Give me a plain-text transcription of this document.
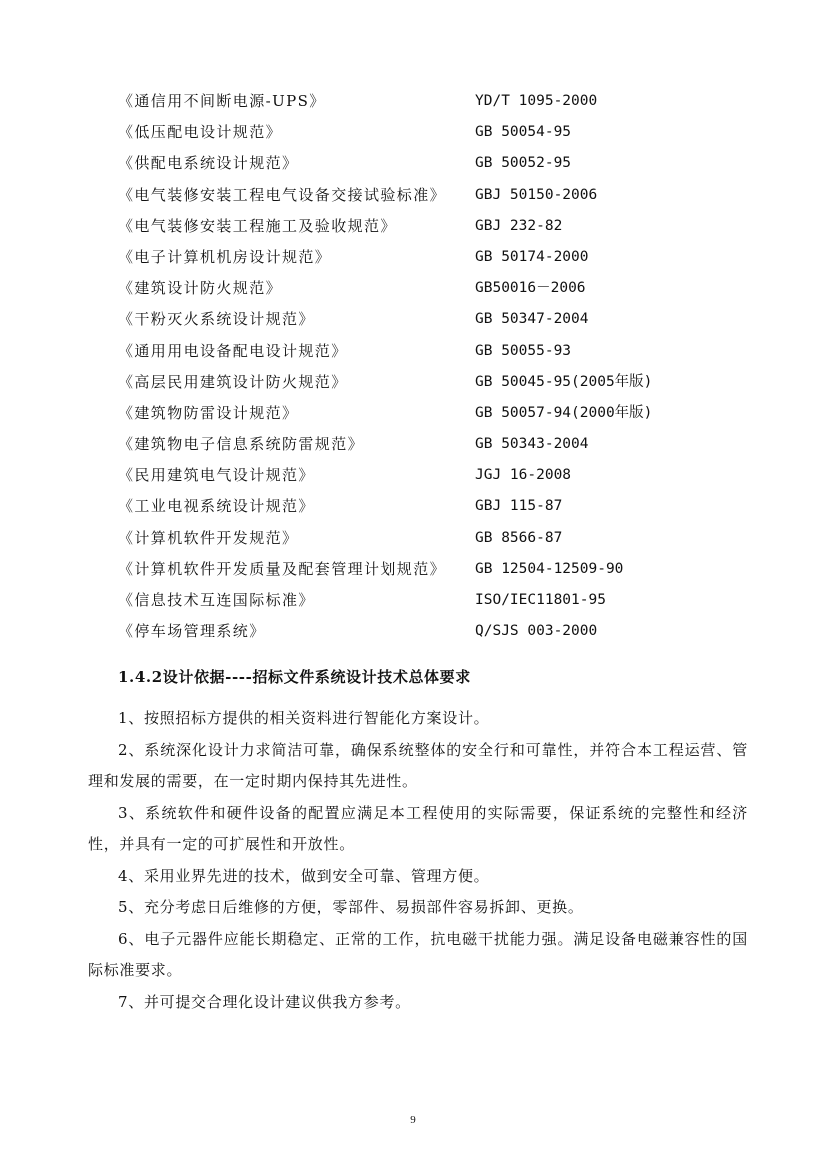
《通信用不间断电源-UPS》	YD/T 1095-2000
《低压配电设计规范》	GB 50054-95
《供配电系统设计规范》	GB 50052-95
《电气装修安装工程电气设备交接试验标准》 GBJ 50150-2006
《电气装修安装工程施工及验收规范》	GBJ 232-82
《电子计算机机房设计规范》	GB 50174-2000
《建筑设计防火规范》	GB50016－2006
《干粉灭火系统设计规范》	GB 50347-2004
《通用用电设备配电设计规范》	GB 50055-93
《高层民用建筑设计防火规范》	GB 50045-95(2005年版)
《建筑物防雷设计规范》	GB 50057-94(2000年版)
《建筑物电子信息系统防雷规范》	GB 50343-2004
《民用建筑电气设计规范》	JGJ 16-2008
《工业电视系统设计规范》	GBJ 115-87
《计算机软件开发规范》	GB 8566-87
《计算机软件开发质量及配套管理计划规范》 GB 12504-12509-90
《信息技术互连国际标准》	ISO/IEC11801-95
《停车场管理系统》	Q/SJS 003-2000
1.4.2设计依据----招标文件系统设计技术总体要求

1、按照招标方提供的相关资料进行智能化方案设计。

2、系统深化设计力求简洁可靠，确保系统整体的安全行和可靠性，并符合本工程运营、管理和发展的需要，在一定时期内保持其先进性。

3、系统软件和硬件设备的配置应满足本工程使用的实际需要，保证系统的完整性和经济性，并具有一定的可扩展性和开放性。

4、采用业界先进的技术，做到安全可靠、管理方便。

5、充分考虑日后维修的方便，零部件、易损部件容易拆卸、更换。

6、电子元器件应能长期稳定、正常的工作，抗电磁干扰能力强。满足设备电磁兼容性的国际标准要求。

7、并可提交合理化设计建议供我方参考。

9
